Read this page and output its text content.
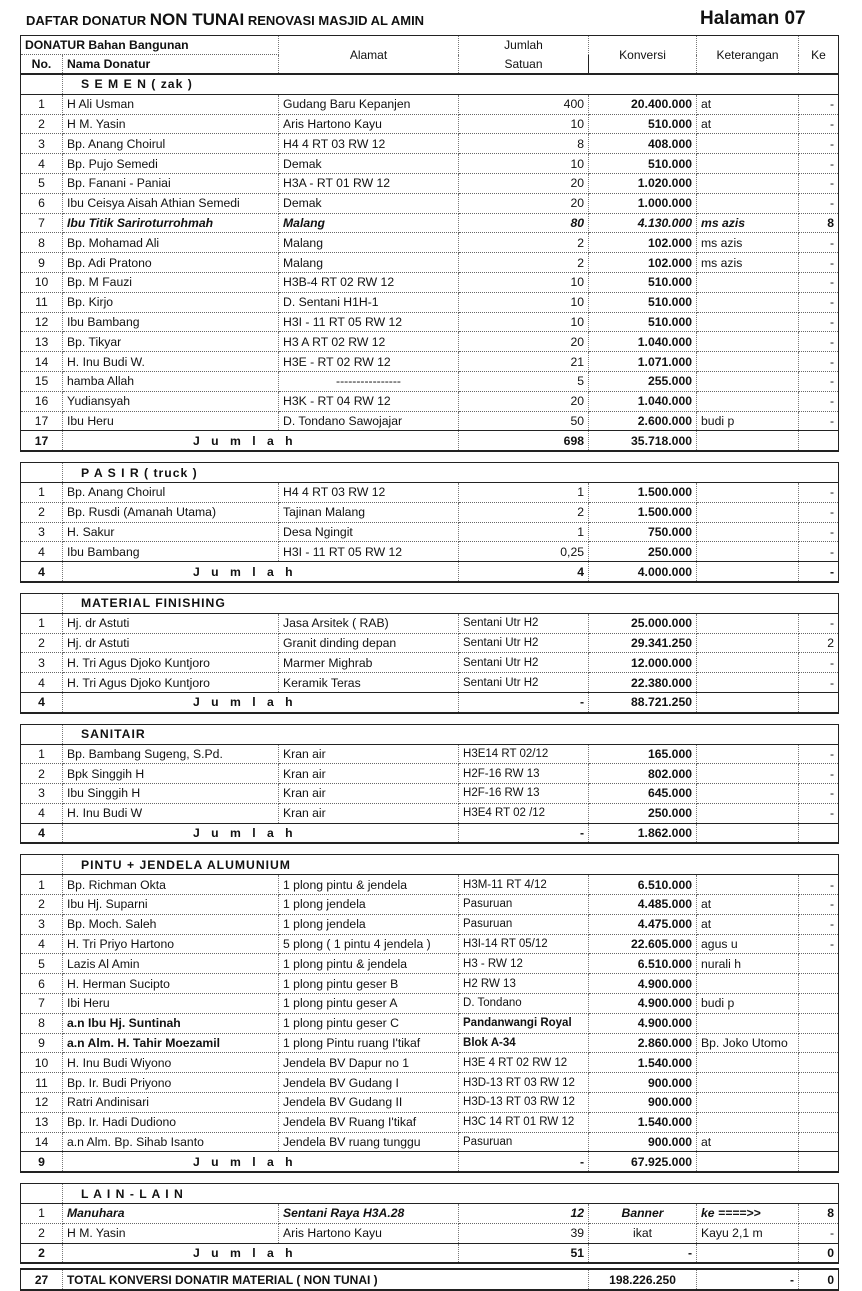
DAFTAR DONATUR NON TUNAI RENOVASI MASJID AL AMIN	Halaman 07
DONATUR Bahan Bangunan		Alamat	Jumlah	Konversi	Keterangan	Ke
No.	Nama Donatur		Satuan			
	S E M E N ( zak )					
1	H Ali Usman	Gudang Baru Kepanjen	400	20.400.000	at	-
2	H M. Yasin	Aris Hartono Kayu	10	510.000	at	-
3	Bp. Anang Choirul	H4 4 RT 03 RW 12	8	408.000		-
4	Bp. Pujo Semedi	Demak	10	510.000		-
5	Bp. Fanani - Paniai	H3A - RT 01 RW 12	20	1.020.000		-
6	Ibu Ceisya Aisah Athian Semedi	Demak	20	1.000.000		-
7	Ibu Titik Sariroturrohmah	Malang	80	4.130.000	ms azis	8
8	Bp. Mohamad Ali	Malang	2	102.000	ms azis	-
9	Bp. Adi Pratono	Malang	2	102.000	ms azis	-
10	Bp. M Fauzi	H3B-4 RT 02 RW 12	10	510.000		-
11	Bp. Kirjo	D. Sentani H1H-1	10	510.000		-
12	Ibu Bambang	H3I - 11 RT 05 RW 12	10	510.000		-
13	Bp. Tikyar	H3 A RT 02 RW 12	20	1.040.000		-
14	H. Inu Budi W.	H3E - RT 02 RW 12	21	1.071.000		-
15	hamba Allah	----------------	5	255.000		-
16	Yudiansyah	H3K - RT 04 RW 12	20	1.040.000		-
17	Ibu Heru	D. Tondano Sawojajar	50	2.600.000	budi p	-
17	J u m l a h		698	35.718.000		

	P A S I R ( truck )					
1	Bp. Anang Choirul	H4 4 RT 03 RW 12	1	1.500.000		-
2	Bp. Rusdi (Amanah Utama)	Tajinan Malang	2	1.500.000		-
3	H. Sakur	Desa Ngingit	1	750.000		-
4	Ibu Bambang	H3I - 11 RT 05 RW 12	0,25	250.000		-
4	J u m l a h		4	4.000.000		-

	MATERIAL FINISHING					
1	Hj. dr Astuti	Jasa Arsitek ( RAB)	Sentani Utr H2	25.000.000		-
2	Hj. dr Astuti	Granit dinding depan	Sentani Utr H2	29.341.250		2
3	H. Tri Agus Djoko Kuntjoro	Marmer Mighrab	Sentani Utr H2	12.000.000		-
4	H. Tri Agus Djoko Kuntjoro	Keramik Teras	Sentani Utr H2	22.380.000		-
4	J u m l a h		-	88.721.250		

	SANITAIR					
1	Bp. Bambang Sugeng, S.Pd.	Kran air	H3E14 RT 02/12	165.000		-
2	Bpk Singgih H	Kran air	H2F-16 RW 13	802.000		-
3	Ibu Singgih H	Kran air	H2F-16 RW 13	645.000		-
4	H. Inu Budi W	Kran air	H3E4 RT 02 /12	250.000		-
4	J u m l a h		-	1.862.000		

	PINTU + JENDELA ALUMUNIUM					
1	Bp. Richman Okta	1 plong pintu & jendela	H3M-11 RT 4/12	6.510.000		-
2	Ibu Hj. Suparni	1 plong jendela	Pasuruan	4.485.000	at	-
3	Bp. Moch. Saleh	1 plong jendela	Pasuruan	4.475.000	at	-
4	H. Tri Priyo Hartono	5 plong ( 1 pintu 4 jendela )	H3I-14 RT 05/12	22.605.000	agus u	-
5	Lazis Al Amin	1 plong pintu & jendela	H3 - RW 12	6.510.000	nurali h	
6	H. Herman Sucipto	1 plong pintu geser B	H2 RW 13	4.900.000		
7	Ibi Heru	1 plong pintu geser A	D. Tondano	4.900.000	budi p	
8	a.n Ibu Hj. Suntinah	1 plong pintu geser C	Pandanwangi Royal	4.900.000		
9	a.n Alm. H. Tahir Moezamil	1 plong Pintu ruang I'tikaf	Blok A-34	2.860.000	Bp. Joko Utomo	
10	H. Inu Budi Wiyono	Jendela BV Dapur no 1	H3E 4 RT 02 RW 12	1.540.000		
11	Bp. Ir. Budi Priyono	Jendela BV Gudang I	H3D-13 RT 03 RW 12	900.000		
12	Ratri Andinisari	Jendela BV Gudang II	H3D-13 RT 03 RW 12	900.000		
13	Bp. Ir. Hadi Dudiono	Jendela BV Ruang I'tikaf	H3C 14 RT 01 RW 12	1.540.000		
14	a.n Alm. Bp. Sihab Isanto	Jendela BV ruang tunggu	Pasuruan	900.000	at	
9	J u m l a h		-	67.925.000		

	L A I N - L A I N					
1	Manuhara	Sentani Raya H3A.28	12	Banner	ke ====>>	8
2	H M. Yasin	Aris Hartono Kayu	39	ikat	Kayu 2,1 m	-
2	J u m l a h		51	-		0

27	TOTAL KONVERSI DONATIR MATERIAL ( NON TUNAI )			198.226.250	-	0
